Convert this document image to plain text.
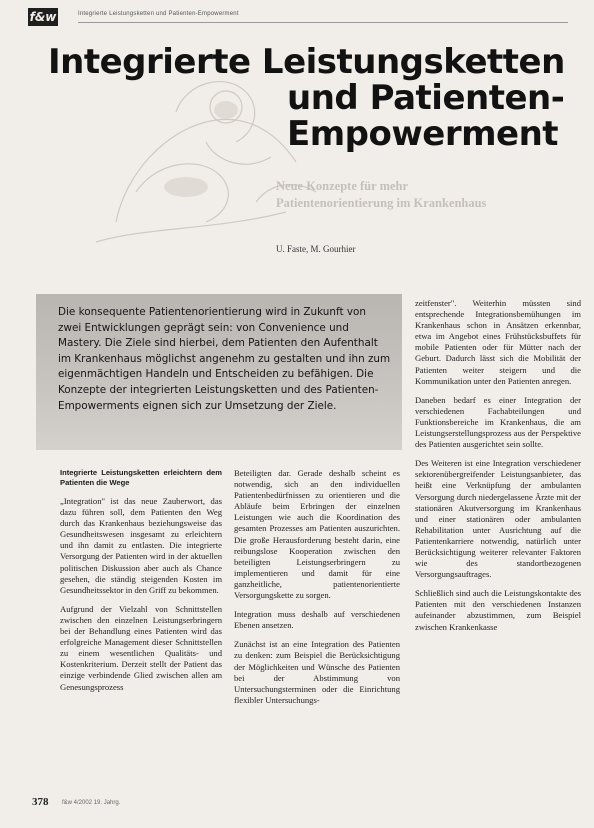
f&w	Integrierte Leistungsketten und Patienten-Empowerment
Integrierte Leistungsketten
und Patienten-
Empowerment
Neue Konzepte für mehr
Patientenorientierung im Krankenhaus
U. Faste, M. Gourhier
Die konsequente Patientenorientierung wird in Zukunft von zwei Entwicklungen geprägt sein: von Convenience und Mastery. Die Ziele sind hierbei, dem Patienten den Aufenthalt im Krankenhaus möglichst angenehm zu gestalten und ihn zum eigenmächtigen Handeln und Entscheiden zu befähigen. Die Konzepte der integrierten Leistungsketten und des Patienten-Empowerments eignen sich zur Umsetzung der Ziele.
Integrierte Leistungsketten erleichtern dem Patienten die Wege

„Integration" ist das neue Zauberwort, das dazu führen soll, dem Patienten den Weg durch das Krankenhaus beziehungsweise das Gesundheitswesen insgesamt zu erleichtern und ihn damit zu entlasten. Die integrierte Versorgung der Patienten wird in der aktuellen politischen Diskussion aber auch als Chance gesehen, die ständig steigenden Kosten im Gesundheitssektor in den Griff zu bekommen.

Aufgrund der Vielzahl von Schnittstellen zwischen den einzelnen Leistungserbringern bei der Behandlung eines Patienten wird das erfolgreiche Management dieser Schnittstellen zu einem wesentlichen Qualitäts- und Kostenkriterium. Derzeit stellt der Patient das einzige verbindende Glied zwischen allen am Genesungsprozess

Beteiligten dar. Gerade deshalb scheint es notwendig, sich an den individuellen Patientenbedürfnissen zu orientieren und die Abläufe beim Erbringen der einzelnen Leistungen wie auch die Koordination des gesamten Prozesses am Patienten auszurichten. Die große Herausforderung besteht darin, eine reibungslose Kooperation zwischen den beteiligten Leistungserbringern zu implementieren und damit für eine ganzheitliche, patientenorientierte Versorgungskette zu sorgen.

Integration muss deshalb auf verschiedenen Ebenen ansetzen.

Zunächst ist an eine Integration des Patienten zu denken: zum Beispiel die Berücksichtigung der Möglichkeiten und Wünsche des Patienten bei der Abstimmung von Untersuchungsterminen oder die Einrichtung flexibler Untersuchungs-

zeitfenster". Weiterhin müssten sind entsprechende Integrationsbemühungen im Krankenhaus schon in Ansätzen erkennbar, etwa im Angebot eines Frühstücksbuffets für mobile Patienten oder für Mütter nach der Geburt. Dadurch lässt sich die Mobilität der Patienten weiter steigern und die Kommunikation unter den Patienten anregen.

Daneben bedarf es einer Integration der verschiedenen Fachabteilungen und Funktionsbereiche im Krankenhaus, die am Leistungserstellungsprozess aus der Perspektive des Patienten ausgerichtet sein sollte.

Des Weiteren ist eine Integration verschiedener sektorenübergreifender Leistungsanbieter, das heißt eine Verknüpfung der ambulanten Versorgung durch niedergelassene Ärzte mit der stationären Akutversorgung im Krankenhaus und einer stationären oder ambulanten Rehabilitation unter Ausrichtung auf die Patientenkarriere notwendig, natürlich unter Berücksichtigung weiterer relevanter Faktoren wie des standortbezogenen Versorgungsauftrages.

Schließlich sind auch die Leistungskontakte des Patienten mit den verschiedenen Instanzen aufeinander abzustimmen, zum Beispiel zwischen Krankenkasse

378 f&w 4/2002 19. Jahrg.
